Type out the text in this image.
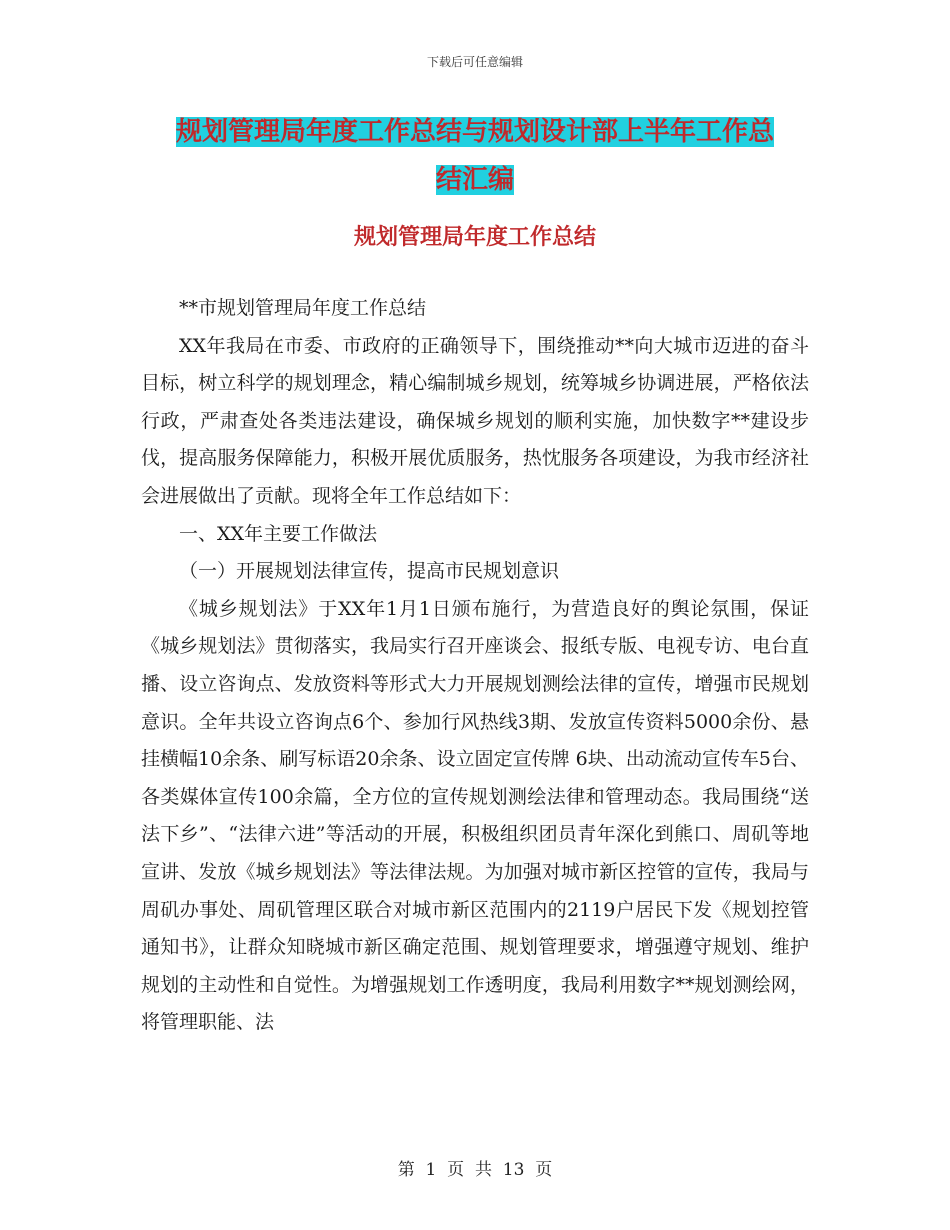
下载后可任意编辑
规划管理局年度工作总结与规划设计部上半年工作总
结汇编
规划管理局年度工作总结

**市规划管理局年度工作总结

XX年我局在市委、市政府的正确领导下，围绕推动**向大城市迈进的奋斗目标，树立科学的规划理念，精心编制城乡规划，统筹城乡协调进展，严格依法行政，严肃查处各类违法建设，确保城乡规划的顺利实施，加快数字**建设步伐，提高服务保障能力，积极开展优质服务，热忱服务各项建设，为我市经济社会进展做出了贡献。现将全年工作总结如下：

一、XX年主要工作做法

（一）开展规划法律宣传，提高市民规划意识

《城乡规划法》于XX年1月1日颁布施行，为营造良好的舆论氛围，保证《城乡规划法》贯彻落实，我局实行召开座谈会、报纸专版、电视专访、电台直播、设立咨询点、发放资料等形式大力开展规划测绘法律的宣传，增强市民规划意识。全年共设立咨询点6个、参加行风热线3期、发放宣传资料5000余份、悬挂横幅10余条、刷写标语20余条、设立固定宣传牌 6块、出动流动宣传车5台、各类媒体宣传100余篇，全方位的宣传规划测绘法律和管理动态。我局围绕“送法下乡”、“法律六进”等活动的开展，积极组织团员青年深化到熊口、周矶等地宣讲、发放《城乡规划法》等法律法规。为加强对城市新区控管的宣传，我局与周矶办事处、周矶管理区联合对城市新区范围内的2119户居民下发《规划控管通知书》，让群众知晓城市新区确定范围、规划管理要求，增强遵守规划、维护规划的主动性和自觉性。为增强规划工作透明度，我局利用数字**规划测绘网，将管理职能、法

第  1  页  共  13  页
